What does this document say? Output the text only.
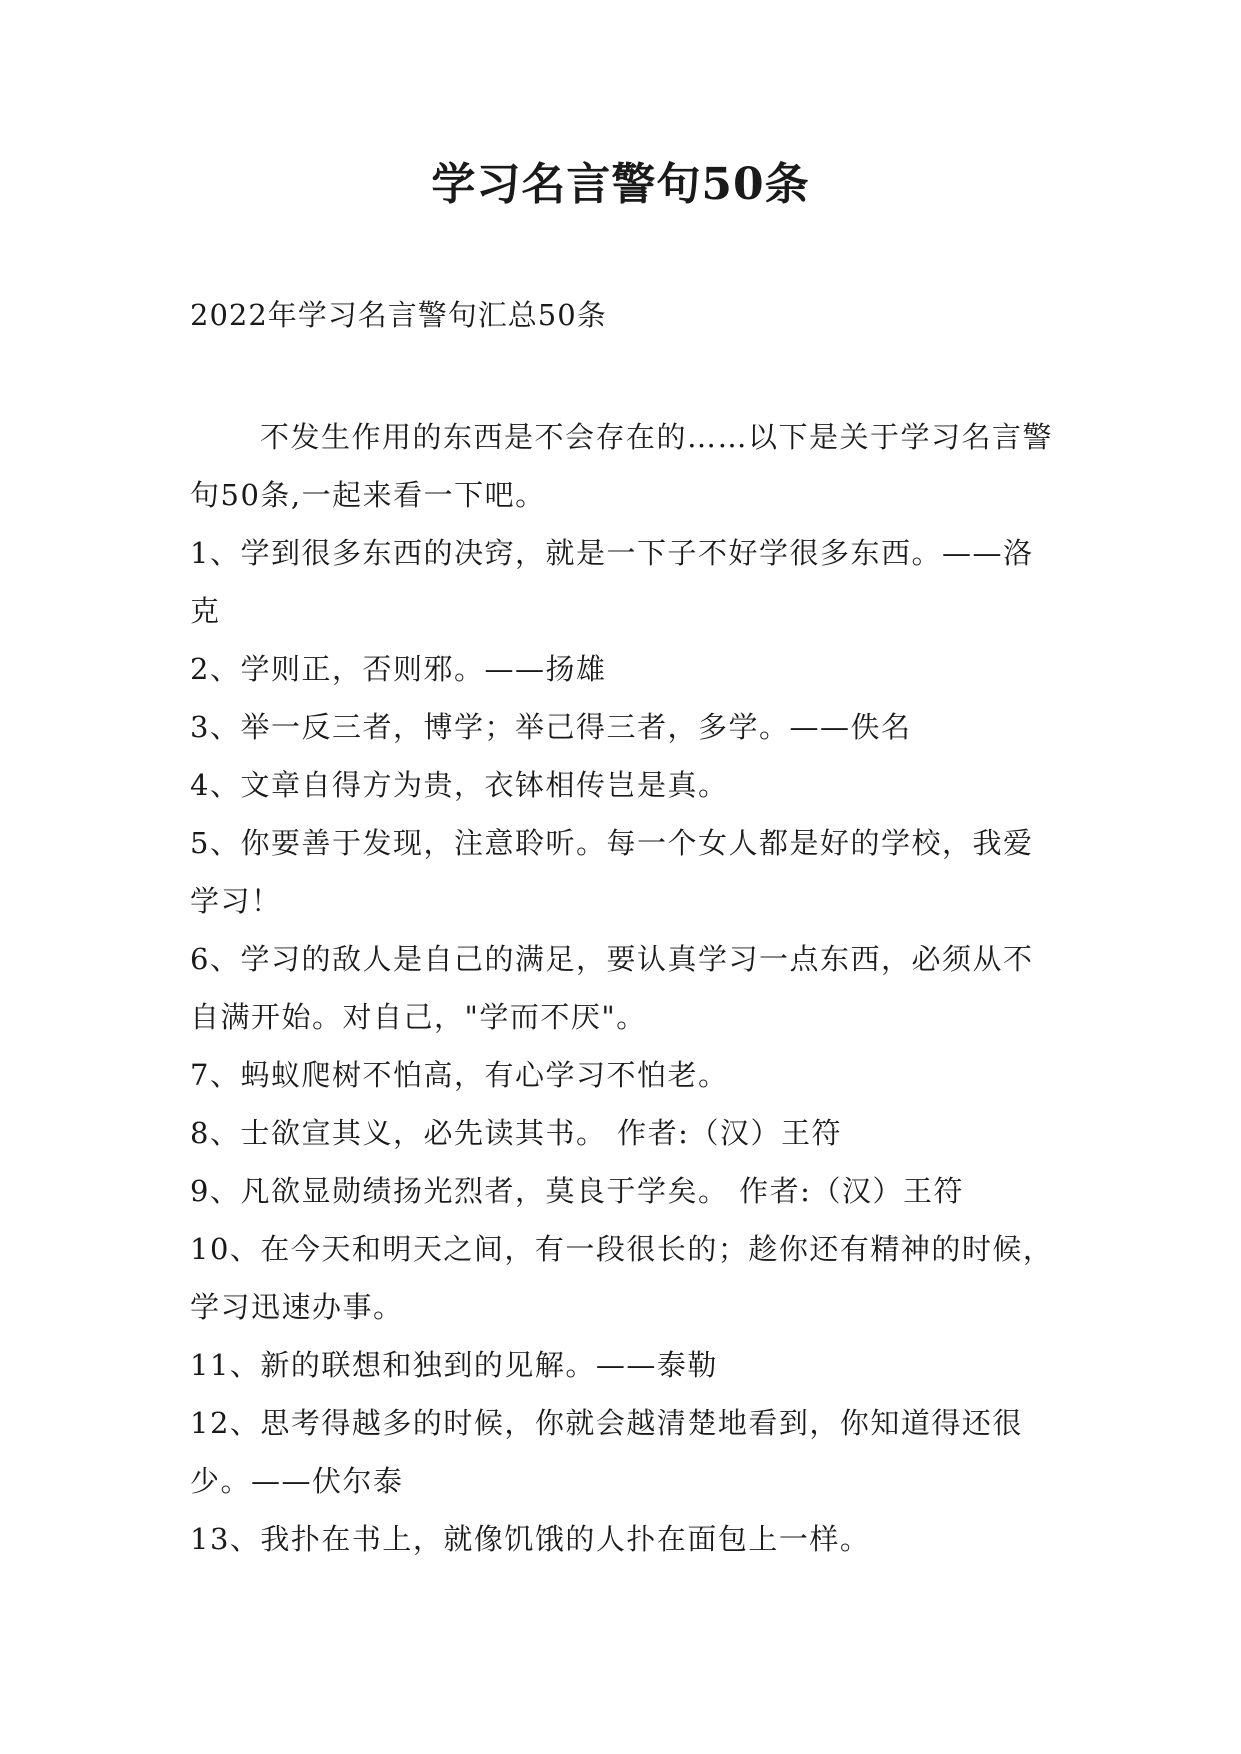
学习名言警句50条
2022年学习名言警句汇总50条

不发生作用的东西是不会存在的……以下是关于学习名言警句50条,一起来看一下吧。

1、学到很多东西的决窍，就是一下子不好学很多东西。——洛克

2、学则正，否则邪。——扬雄

3、举一反三者，博学；举己得三者，多学。——佚名

4、文章自得方为贵，衣钵相传岂是真。

5、你要善于发现，注意聆听。每一个女人都是好的学校，我爱学习！

6、学习的敌人是自己的满足，要认真学习一点东西，必须从不自满开始。对自己，"学而不厌"。

7、蚂蚁爬树不怕高，有心学习不怕老。

8、士欲宣其义，必先读其书。 作者:（汉）王符

9、凡欲显勋绩扬光烈者，莫良于学矣。 作者:（汉）王符

10、在今天和明天之间，有一段很长的；趁你还有精神的时候，学习迅速办事。

11、新的联想和独到的见解。——泰勒

12、思考得越多的时候，你就会越清楚地看到，你知道得还很少。——伏尔泰

13、我扑在书上，就像饥饿的人扑在面包上一样。
